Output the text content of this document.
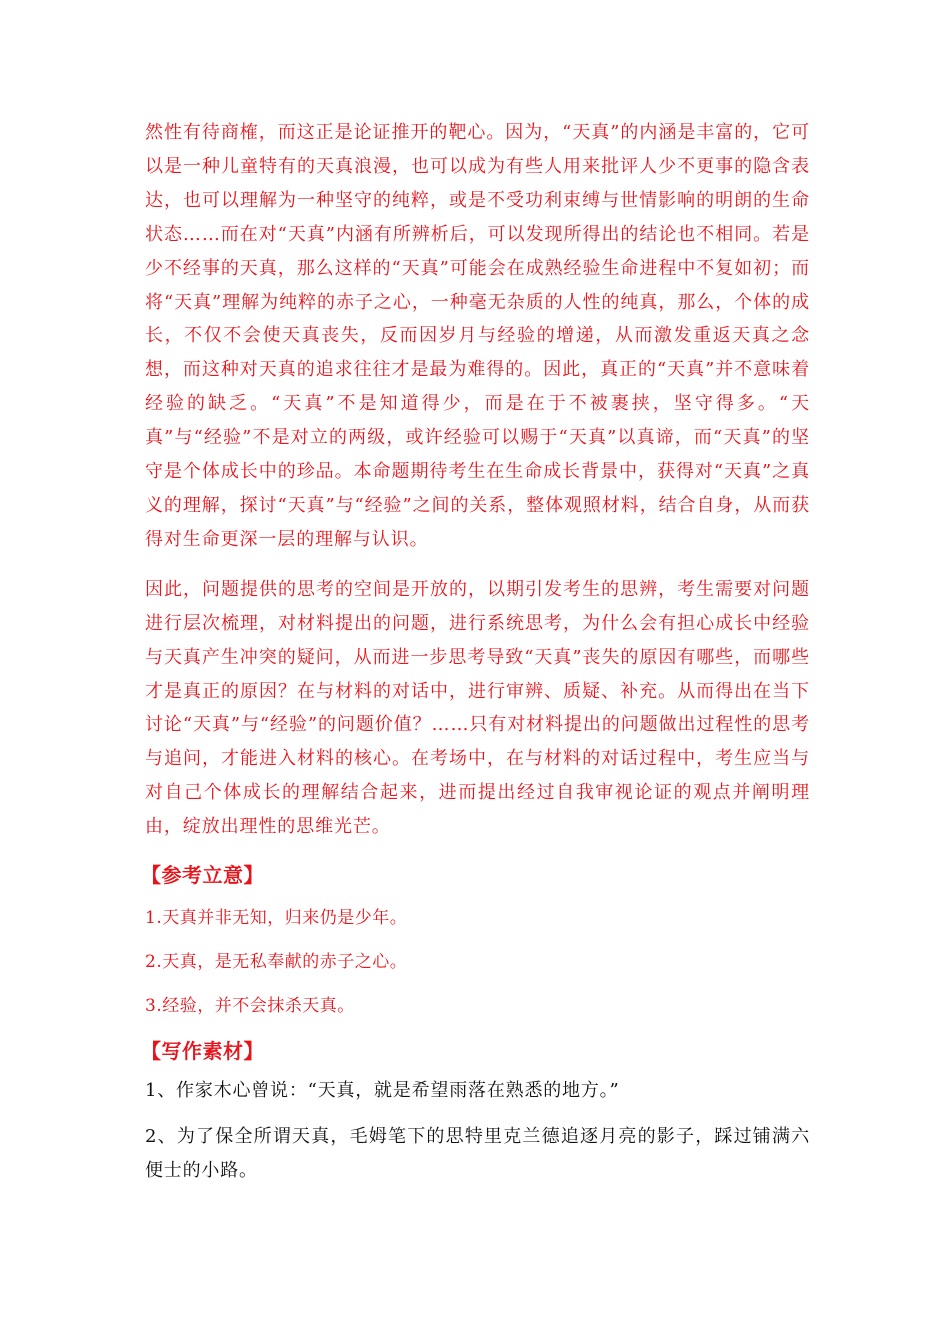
然性有待商榷，而这正是论证推开的靶心。因为，“天真”的内涵是丰富的，它可以是一种儿童特有的天真浪漫，也可以成为有些人用来批评人少不更事的隐含表达，也可以理解为一种坚守的纯粹，或是不受功利束缚与世情影响的明朗的生命状态……而在对“天真”内涵有所辨析后，可以发现所得出的结论也不相同。若是少不经事的天真，那么这样的“天真”可能会在成熟经验生命进程中不复如初；而将“天真”理解为纯粹的赤子之心，一种毫无杂质的人性的纯真，那么，个体的成长，不仅不会使天真丧失，反而因岁月与经验的增递，从而激发重返天真之念想，而这种对天真的追求往往才是最为难得的。因此，真正的“天真”并不意味着经验的缺乏。“天真”不是知道得少，而是在于不被裹挟，坚守得多。“天真”与“经验”不是对立的两级，或许经验可以赐于“天真”以真谛，而“天真”的坚守是个体成长中的珍品。本命题期待考生在生命成长背景中，获得对“天真”之真义的理解，探讨“天真”与“经验”之间的关系，整体观照材料，结合自身，从而获得对生命更深一层的理解与认识。

因此，问题提供的思考的空间是开放的，以期引发考生的思辨，考生需要对问题进行层次梳理，对材料提出的问题，进行系统思考，为什么会有担心成长中经验与天真产生冲突的疑问，从而进一步思考导致“天真”丧失的原因有哪些，而哪些才是真正的原因？在与材料的对话中，进行审辨、质疑、补充。从而得出在当下讨论“天真”与“经验”的问题价值？……只有对材料提出的问题做出过程性的思考与追问，才能进入材料的核心。在考场中，在与材料的对话过程中，考生应当与对自己个体成长的理解结合起来，进而提出经过自我审视论证的观点并阐明理由，绽放出理性的思维光芒。

【参考立意】
1.天真并非无知，归来仍是少年。
2.天真，是无私奉献的赤子之心。
3.经验，并不会抹杀天真。
【写作素材】
1、作家木心曾说：“天真，就是希望雨落在熟悉的地方。”
2、为了保全所谓天真，毛姆笔下的思特里克兰德追逐月亮的影子，踩过铺满六便士的小路。
